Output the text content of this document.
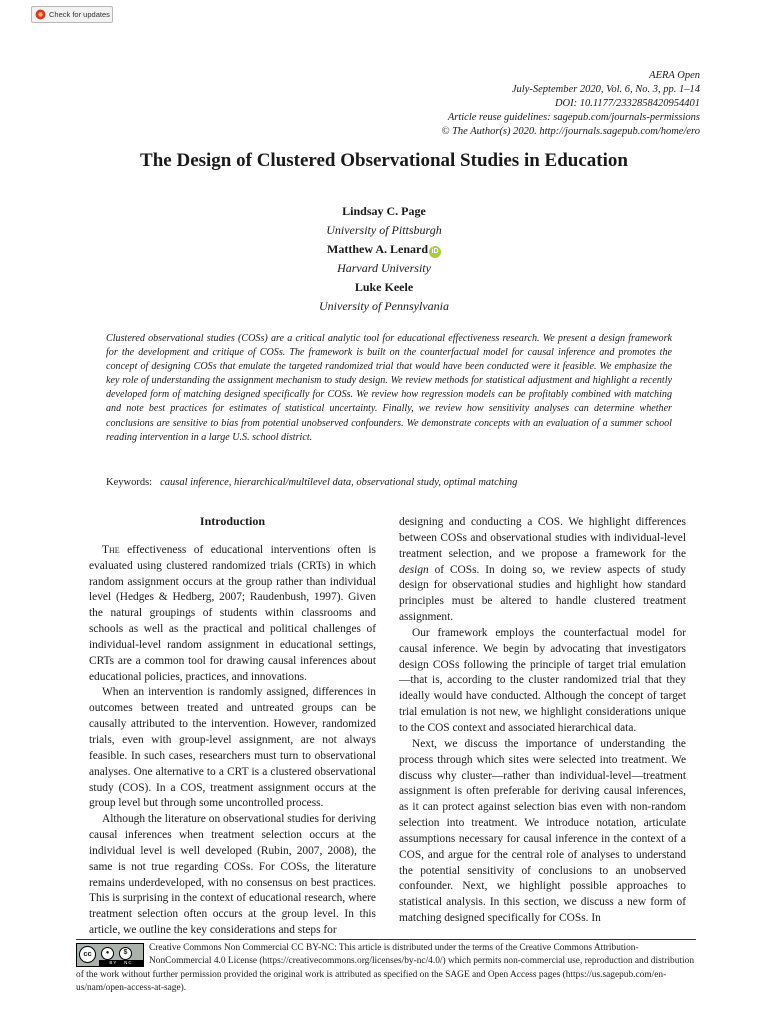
Check for updates
AERA Open
July-September 2020, Vol. 6, No. 3, pp. 1–14
DOI: 10.1177/2332858420954401
Article reuse guidelines: sagepub.com/journals-permissions
© The Author(s) 2020. http://journals.sagepub.com/home/ero
The Design of Clustered Observational Studies in Education
Lindsay C. Page
University of Pittsburgh
Matthew A. Lenard iD
Harvard University
Luke Keele
University of Pennsylvania
Clustered observational studies (COSs) are a critical analytic tool for educational effectiveness research. We present a design framework for the development and critique of COSs. The framework is built on the counterfactual model for causal inference and promotes the concept of designing COSs that emulate the targeted randomized trial that would have been conducted were it feasible. We emphasize the key role of understanding the assignment mechanism to study design. We review methods for statistical adjustment and highlight a recently developed form of matching designed specifically for COSs. We review how regression models can be profitably combined with matching and note best practices for estimates of statistical uncertainty. Finally, we review how sensitivity analyses can determine whether conclusions are sensitive to bias from potential unobserved confounders. We demonstrate concepts with an evaluation of a summer school reading intervention in a large U.S. school district.
Keywords: causal inference, hierarchical/multilevel data, observational study, optimal matching
Introduction

The effectiveness of educational interventions often is evaluated using clustered randomized trials (CRTs) in which random assignment occurs at the group rather than individual level (Hedges & Hedberg, 2007; Raudenbush, 1997). Given the natural groupings of students within classrooms and schools as well as the practical and political challenges of individual-level random assignment in educational settings, CRTs are a common tool for drawing causal inferences about educational policies, practices, and innovations.

When an intervention is randomly assigned, differences in outcomes between treated and untreated groups can be causally attributed to the intervention. However, randomized trials, even with group-level assignment, are not always feasible. In such cases, researchers must turn to observational analyses. One alternative to a CRT is a clustered observational study (COS). In a COS, treatment assignment occurs at the group level but through some uncontrolled process.

Although the literature on observational studies for deriving causal inferences when treatment selection occurs at the individual level is well developed (Rubin, 2007, 2008), the same is not true regarding COSs. For COSs, the literature remains underdeveloped, with no consensus on best practices. This is surprising in the context of educational research, where treatment selection often occurs at the group level. In this article, we outline the key considerations and steps for

designing and conducting a COS. We highlight differences between COSs and observational studies with individual-level treatment selection, and we propose a framework for the design of COSs. In doing so, we review aspects of study design for observational studies and highlight how standard principles must be altered to handle clustered treatment assignment.

Our framework employs the counterfactual model for causal inference. We begin by advocating that investigators design COSs following the principle of target trial emulation—that is, according to the cluster randomized trial that they ideally would have conducted. Although the concept of target trial emulation is not new, we highlight considerations unique to the COS context and associated hierarchical data.

Next, we discuss the importance of understanding the process through which sites were selected into treatment. We discuss why cluster—rather than individual-level—treatment assignment is often preferable for deriving causal inferences, as it can protect against selection bias even with non-random selection into treatment. We introduce notation, articulate assumptions necessary for causal inference in the context of a COS, and argue for the central role of analyses to understand the potential sensitivity of conclusions to an unobserved confounder. Next, we highlight possible approaches to statistical analysis. In this section, we discuss a new form of matching designed specifically for COSs. In

cc	●	$
BY NC
Creative Commons Non Commercial CC BY-NC: This article is distributed under the terms of the Creative Commons Attribution-NonCommercial 4.0 License (https://creativecommons.org/licenses/by-nc/4.0/) which permits non-commercial use, reproduction and distribution of the work without further permission provided the original work is attributed as specified on the SAGE and Open Access pages (https://us.sagepub.com/en-us/nam/open-access-at-sage).
